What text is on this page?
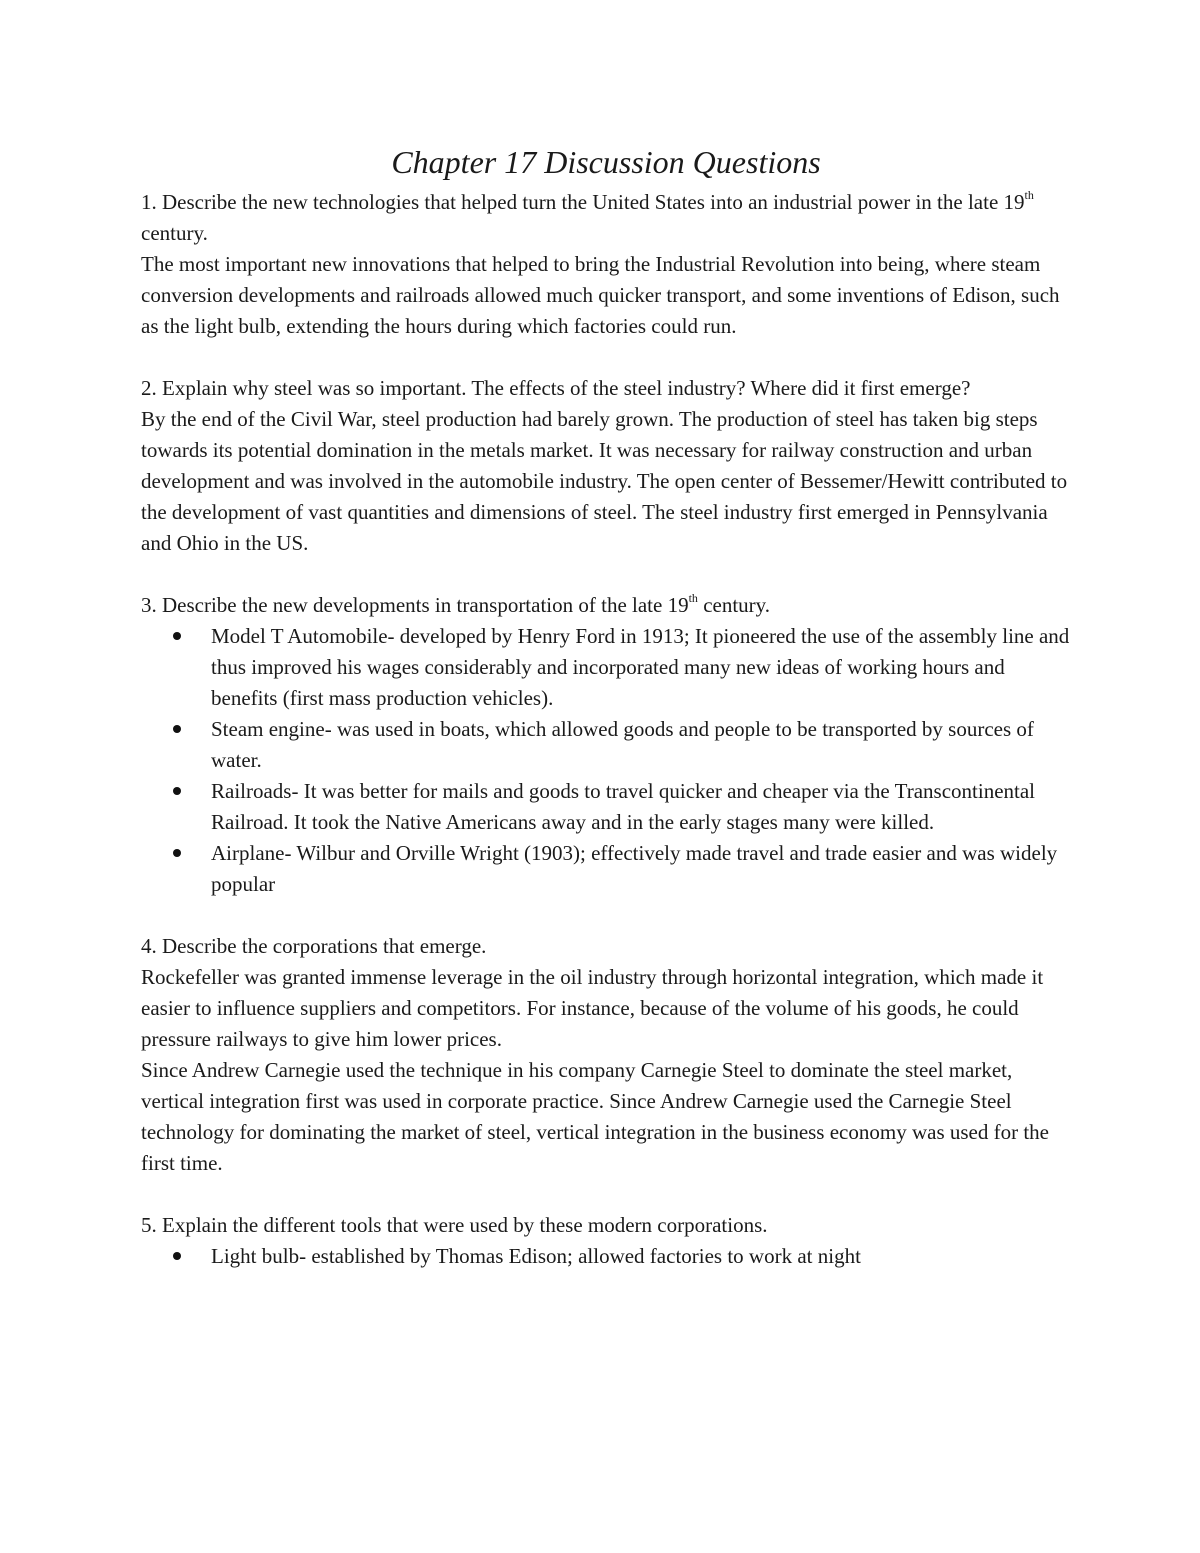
Chapter 17 Discussion Questions

1. Describe the new technologies that helped turn the United States into an industrial power in the late 19th century.

The most important new innovations that helped to bring the Industrial Revolution into being, where steam conversion developments and railroads allowed much quicker transport, and some inventions of Edison, such as the light bulb, extending the hours during which factories could run.

2. Explain why steel was so important. The effects of the steel industry? Where did it first emerge?

By the end of the Civil War, steel production had barely grown. The production of steel has taken big steps towards its potential domination in the metals market. It was necessary for railway construction and urban development and was involved in the automobile industry. The open center of Bessemer/Hewitt contributed to the development of vast quantities and dimensions of steel. The steel industry first emerged in Pennsylvania and Ohio in the US.

3. Describe the new developments in transportation of the late 19th century.

Model T Automobile- developed by Henry Ford in 1913; It pioneered the use of the assembly line and thus improved his wages considerably and incorporated many new ideas of working hours and benefits (first mass production vehicles).
Steam engine- was used in boats, which allowed goods and people to be transported by sources of water.
Railroads- It was better for mails and goods to travel quicker and cheaper via the Transcontinental Railroad. It took the Native Americans away and in the early stages many were killed.
Airplane- Wilbur and Orville Wright (1903); effectively made travel and trade easier and was widely popular

4. Describe the corporations that emerge.

Rockefeller was granted immense leverage in the oil industry through horizontal integration, which made it easier to influence suppliers and competitors. For instance, because of the volume of his goods, he could pressure railways to give him lower prices.

Since Andrew Carnegie used the technique in his company Carnegie Steel to dominate the steel market, vertical integration first was used in corporate practice. Since Andrew Carnegie used the Carnegie Steel technology for dominating the market of steel, vertical integration in the business economy was used for the first time.

5. Explain the different tools that were used by these modern corporations.

Light bulb- established by Thomas Edison; allowed factories to work at night
